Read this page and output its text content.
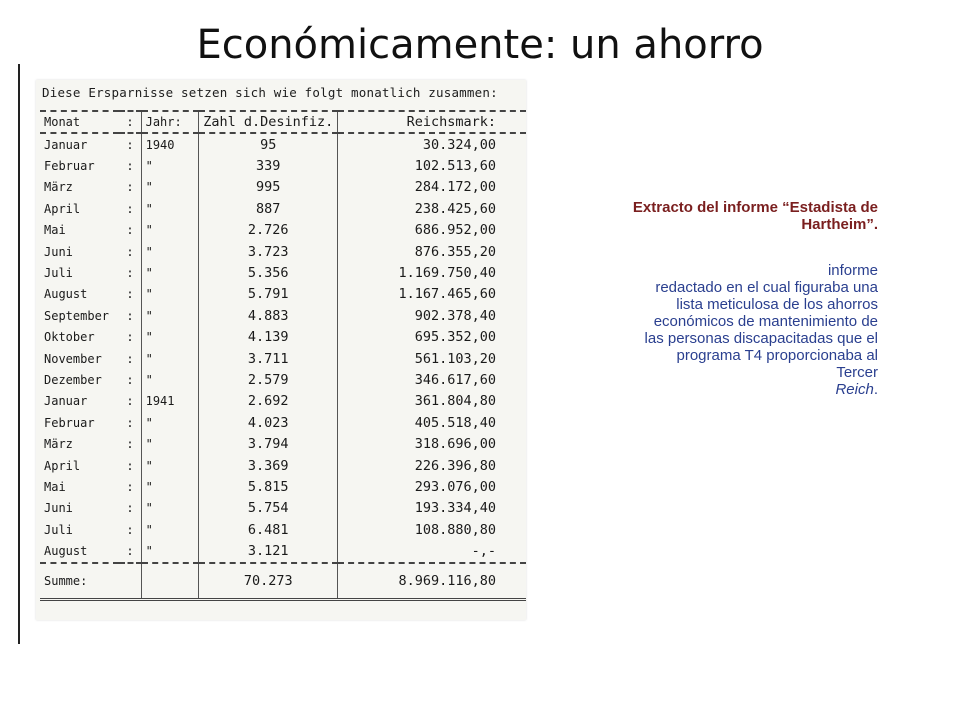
Económicamente: un ahorro
Diese Ersparnisse setzen sich wie folgt monatlich zusammen:
Monat	:	Jahr:	Zahl d.Desinfiz.	Reichsmark:
Januar	:	1940	95	30.324,00
Februar	:	"	339	102.513,60
März	:	"	995	284.172,00
April	:	"	887	238.425,60
Mai	:	"	2.726	686.952,00
Juni	:	"	3.723	876.355,20
Juli	:	"	5.356	1.169.750,40
August	:	"	5.791	1.167.465,60
September	:	"	4.883	902.378,40
Oktober	:	"	4.139	695.352,00
November	:	"	3.711	561.103,20
Dezember	:	"	2.579	346.617,60
Januar	:	1941	2.692	361.804,80
Februar	:	"	4.023	405.518,40
März	:	"	3.794	318.696,00
April	:	"	3.369	226.396,80
Mai	:	"	5.815	293.076,00
Juni	:	"	5.754	193.334,40
Juli	:	"	6.481	108.880,80
August	:	"	3.121	-,-
Summe:			70.273	8.969.116,80
Extracto del informe “Estadista de Hartheim”.
informe
redactado en el cual figuraba una
lista meticulosa de los ahorros
económicos de mantenimiento de
las personas discapacitadas que el
programa T4 proporcionaba al
Tercer
Reich.
